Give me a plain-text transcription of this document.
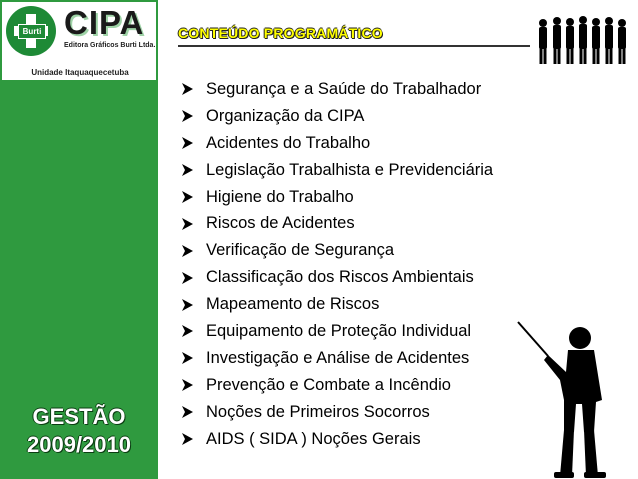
Burti CIPA
Editora Gráficos Burti Ltda.
Unidade Itaquaquecetuba
GESTÃO
2009/2010
CONTEÚDO PROGRAMÁTICO
Segurança e a Saúde do Trabalhador
Organização da CIPA
Acidentes do Trabalho
Legislação Trabalhista e Previdenciária
Higiene do Trabalho
Riscos de Acidentes
Verificação de Segurança
Classificação dos Riscos Ambientais
Mapeamento de Riscos
Equipamento de Proteção Individual
Investigação e Análise de Acidentes
Prevenção e Combate a Incêndio
Noções de Primeiros Socorros
AIDS ( SIDA ) Noções Gerais
